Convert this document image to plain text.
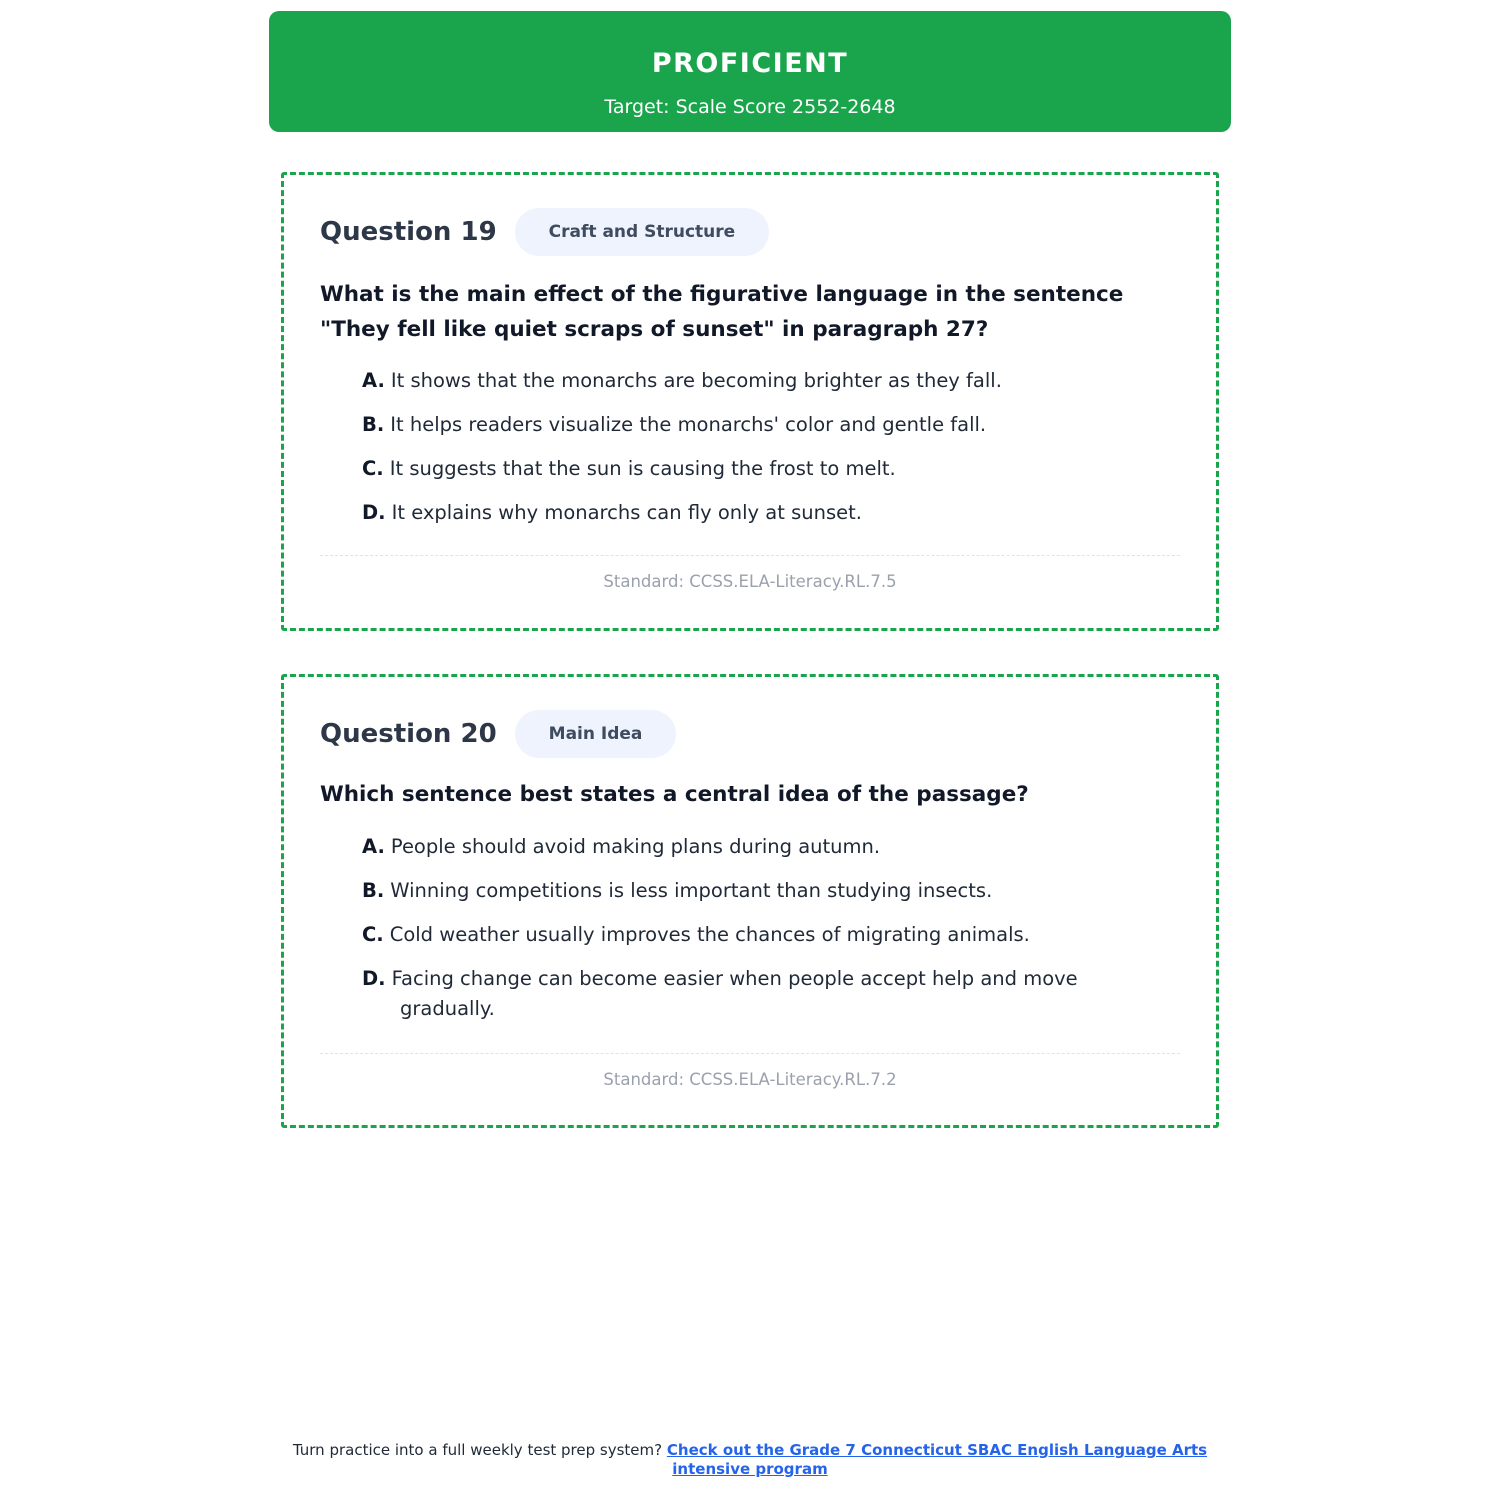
PROFICIENT
Target: Scale Score 2552-2648
Question 19	Craft and Structure
What is the main effect of the figurative language in the sentence "They fell like quiet scraps of sunset" in paragraph 27?
A. It shows that the monarchs are becoming brighter as they fall.
B. It helps readers visualize the monarchs' color and gentle fall.
C. It suggests that the sun is causing the frost to melt.
D. It explains why monarchs can fly only at sunset.
Standard: CCSS.ELA-Literacy.RL.7.5
Question 20	Main Idea
Which sentence best states a central idea of the passage?
A. People should avoid making plans during autumn.
B. Winning competitions is less important than studying insects.
C. Cold weather usually improves the chances of migrating animals.
D. Facing change can become easier when people accept help and move
gradually.
Standard: CCSS.ELA-Literacy.RL.7.2
Turn practice into a full weekly test prep system? Check out the Grade 7 Connecticut SBAC English Language Arts intensive program
